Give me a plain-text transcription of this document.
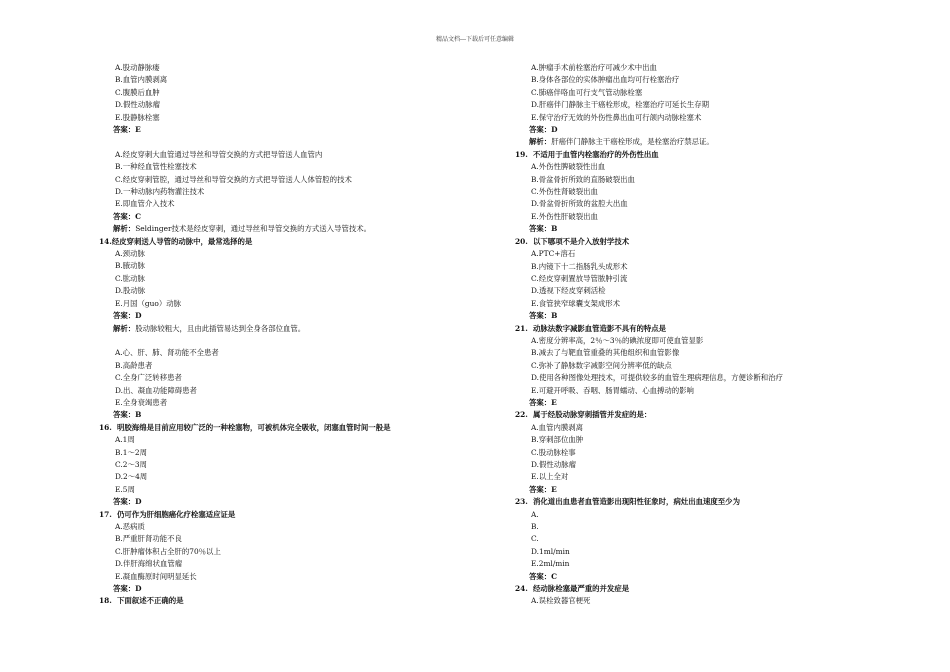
精品文档---下载后可任意编辑
A.股动静脉瘘
B.血管内膜剥离
C.腹膜后血肿
D.假性动脉瘤
E.股静脉栓塞
答案：E
A.经皮穿刺大血管通过导丝和导管交换的方式把导管送人血管内
B.一种经血管性栓塞技术
C.经皮穿刺管腔，通过导丝和导管交换的方式把导管送人人体管腔的技术
D.一种动脉内药物灌注技术
E.即血管介入技术
答案：C
解析：Seldinger技术是经皮穿刺，通过导丝和导管交换的方式送入导管技术。
14.经皮穿刺送人导管的动脉中，最常选择的是
A.颈动脉
B.腋动脉
C.肱动脉
D.股动脉
E.月国（guo）动脉
答案：D
解析：股动脉较粗大，且由此插管易达到全身各部位血管。
A.心、肝、肺、肾功能不全患者
B.高龄患者
C.全身广泛转移患者
D.出、凝血功能障碍患者
E.全身衰竭患者
答案：B
16. 明胶海绵是目前应用较广泛的一种栓塞物，可被机体完全吸收，闭塞血管时间一般是
A.1周
B.1～2周
C.2～3周
D.2～4周
E.5周
答案：D
17. 仍可作为肝细胞癌化疗栓塞适应证是
A.恶病质
B.严重肝肾功能不良
C.肝肿瘤体积占全肝的70％以上
D.伴肝海绵状血管瘤
E.凝血酶原时间明显延长
答案：D
18. 下面叙述不正确的是
A.肿瘤手术前栓塞治疗可减少术中出血
B.身体各部位的实体肿瘤出血均可行栓塞治疗
C.肺癌伴咯血可行支气管动脉栓塞
D.肝癌伴门静脉主干癌栓形成，栓塞治疗可延长生存期
E.保守治疗无效的外伤性鼻出血可行颌内动脉栓塞术
答案：D
解析：肝癌伴门静脉主干癌栓形成，是栓塞治疗禁忌证。
19. 不适用于血管内栓塞治疗的外伤性出血
A.外伤性脾破裂性出血
B.骨盆骨折所致的直肠破裂出血
C.外伤性肾破裂出血
D.骨盆骨折所致的盆腔大出血
E.外伤性肝破裂出血
答案：B
20. 以下哪项不是介入放射学技术
A.PTC+溶石
B.内镜下十二指肠乳头成形术
C.经皮穿刺置放导管脓肿引流
D.透视下经皮穿刺活检
E.食管狭窄球囊支架成形术
答案：B
21. 动脉法数字减影血管造影不具有的特点是
A.密度分辨率高，2％～3％的碘浓度即可使血管显影
B.减去了与靶血管重叠的其他组织和血管影像
C.弥补了静脉数字减影空间分辨率低的缺点
D.使用各种图像处理技术，可提供较多的血管生理病理信息，方便诊断和治疗
E.可避开呼吸、吞咽、肠胃蠕动、心血搏动的影响
答案：E
22. 属于经股动脉穿刺插管并发症的是：
A.血管内膜剥离
B.穿刺部位血肿
C.股动脉栓事
D.假性动脉瘤
E.以上全对
答案：E
23. 消化道出血患者血管造影出现阳性征象时，病灶出血速度至少为
A.
B.
C.
D.1ml/min
E.2ml/min
答案：C
24. 经动脉栓塞最严重的并发症是
A.误栓致器官梗死
